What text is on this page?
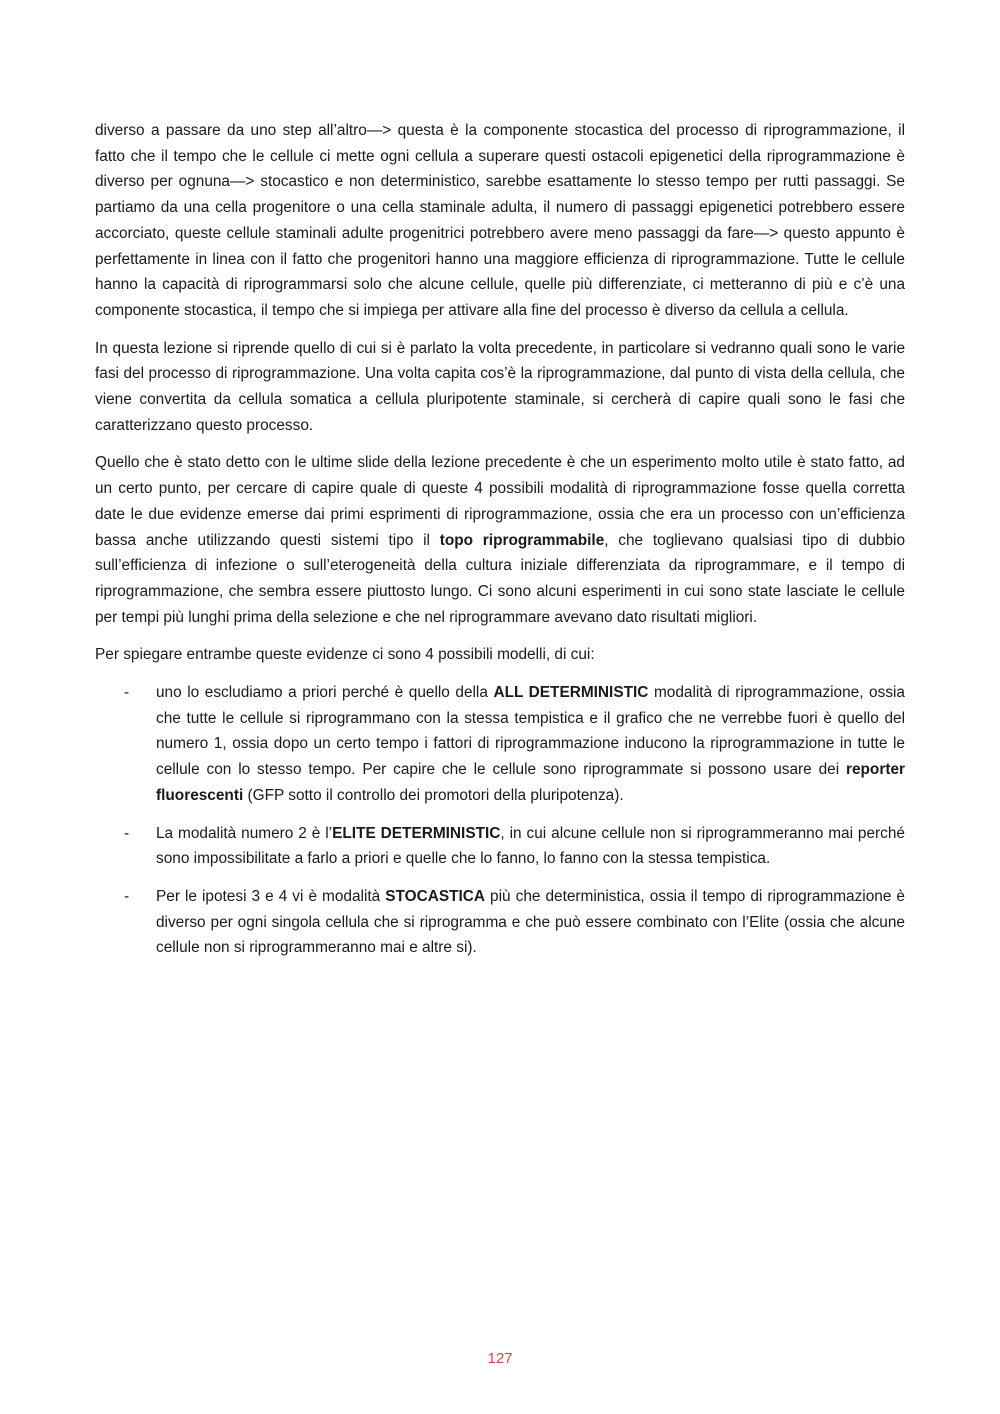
diverso a passare da uno step all’altro—> questa è la componente stocastica del processo di riprogrammazione, il fatto che il tempo che le cellule ci mette ogni cellula a superare questi ostacoli epigenetici della riprogrammazione è diverso per ognuna—> stocastico e non deterministico, sarebbe esattamente lo stesso tempo per rutti passaggi. Se partiamo da una cella progenitore o una cella staminale adulta, il numero di passaggi epigenetici potrebbero essere accorciato, queste cellule staminali adulte progenitrici potrebbero avere meno passaggi da fare—> questo appunto è perfettamente in linea con il fatto che progenitori hanno una maggiore efficienza di riprogrammazione. Tutte le cellule hanno la capacità di riprogrammarsi solo che alcune cellule, quelle più differenziate, ci metteranno di più e c’è una componente stocastica, il tempo che si impiega per attivare alla fine del processo è diverso da cellula a cellula.

In questa lezione si riprende quello di cui si è parlato la volta precedente, in particolare si vedranno quali sono le varie fasi del processo di riprogrammazione. Una volta capita cos’è la riprogrammazione, dal punto di vista della cellula, che viene convertita da cellula somatica a cellula pluripotente staminale, si cercherà di capire quali sono le fasi che caratterizzano questo processo.

Quello che è stato detto con le ultime slide della lezione precedente è che un esperimento molto utile è stato fatto, ad un certo punto, per cercare di capire quale di queste 4 possibili modalità di riprogrammazione fosse quella corretta date le due evidenze emerse dai primi esprimenti di riprogrammazione, ossia che era un processo con un’efficienza bassa anche utilizzando questi sistemi tipo il topo riprogrammabile, che toglievano qualsiasi tipo di dubbio sull’efficienza di infezione o sull’eterogeneità della cultura iniziale differenziata da riprogrammare, e il tempo di riprogrammazione, che sembra essere piuttosto lungo. Ci sono alcuni esperimenti in cui sono state lasciate le cellule per tempi più lunghi prima della selezione e che nel riprogrammare avevano dato risultati migliori.

Per spiegare entrambe queste evidenze ci sono 4 possibili modelli, di cui:

- uno lo escludiamo a priori perché è quello della ALL DETERMINISTIC modalità di riprogrammazione, ossia che tutte le cellule si riprogrammano con la stessa tempistica e il grafico che ne verrebbe fuori è quello del numero 1, ossia dopo un certo tempo i fattori di riprogrammazione inducono la riprogrammazione in tutte le cellule con lo stesso tempo. Per capire che le cellule sono riprogrammate si possono usare dei reporter fluorescenti (GFP sotto il controllo dei promotori della pluripotenza).
- La modalità numero 2 è l’ELITE DETERMINISTIC, in cui alcune cellule non si riprogrammeranno mai perché sono impossibilitate a farlo a priori e quelle che lo fanno, lo fanno con la stessa tempistica.
- Per le ipotesi 3 e 4 vi è modalità STOCASTICA più che deterministica, ossia il tempo di riprogrammazione è diverso per ogni singola cellula che si riprogramma e che può essere combinato con l’Elite (ossia che alcune cellule non si riprogrammeranno mai e altre si).
127
